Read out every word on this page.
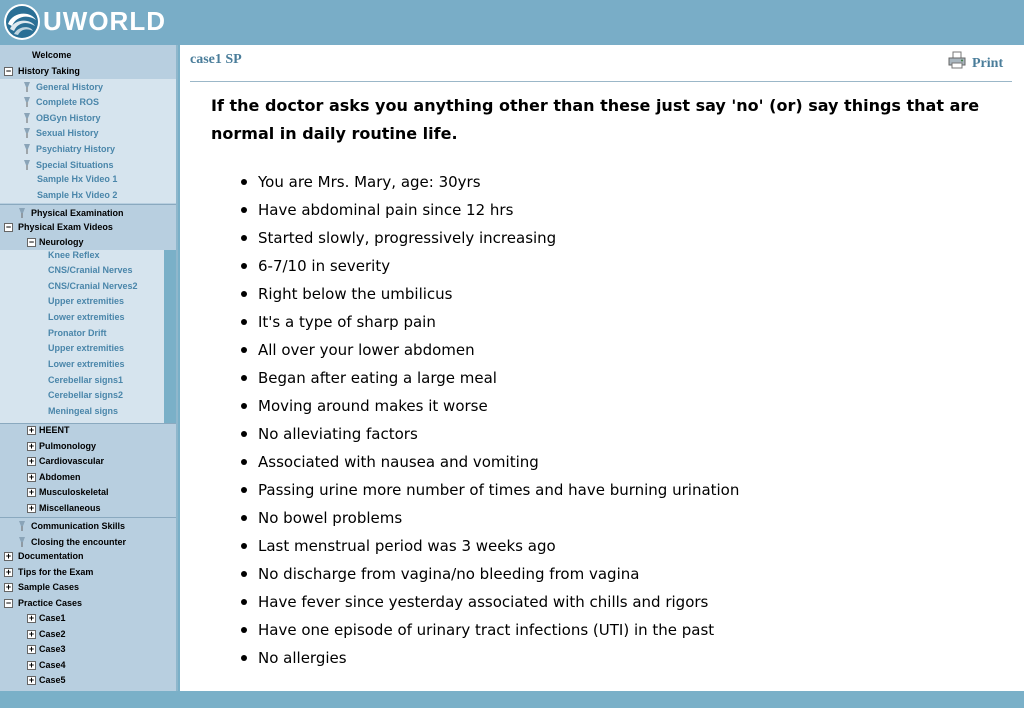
UWORLD
Welcome
− History Taking
General History
Complete ROS
OBGyn History
Sexual History
Psychiatry History
Special Situations
Sample Hx Video 1
Sample Hx Video 2
Physical Examination
− Physical Exam Videos
− Neurology
Knee Reflex
CNS/Cranial Nerves
CNS/Cranial Nerves2
Upper extremities
Lower extremities
Pronator Drift
Upper extremities
Lower extremities
Cerebellar signs1
Cerebellar signs2
Meningeal signs
+ HEENT
+ Pulmonology
+ Cardiovascular
+ Abdomen
+ Musculoskeletal
+ Miscellaneous
Communication Skills
Closing the encounter
+ Documentation
+ Tips for the Exam
+ Sample Cases
− Practice Cases
+ Case1
+ Case2
+ Case3
+ Case4
+ Case5
case1 SP	Print
If the doctor asks you anything other than these just say 'no' (or) say things that are normal in daily routine life.
You are Mrs. Mary, age: 30yrs
Have abdominal pain since 12 hrs
Started slowly, progressively increasing
6-7/10 in severity
Right below the umbilicus
It's a type of sharp pain
All over your lower abdomen
Began after eating a large meal
Moving around makes it worse
No alleviating factors
Associated with nausea and vomiting
Passing urine more number of times and have burning urination
No bowel problems
Last menstrual period was 3 weeks ago
No discharge from vagina/no bleeding from vagina
Have fever since yesterday associated with chills and rigors
Have one episode of urinary tract infections (UTI) in the past
No allergies
